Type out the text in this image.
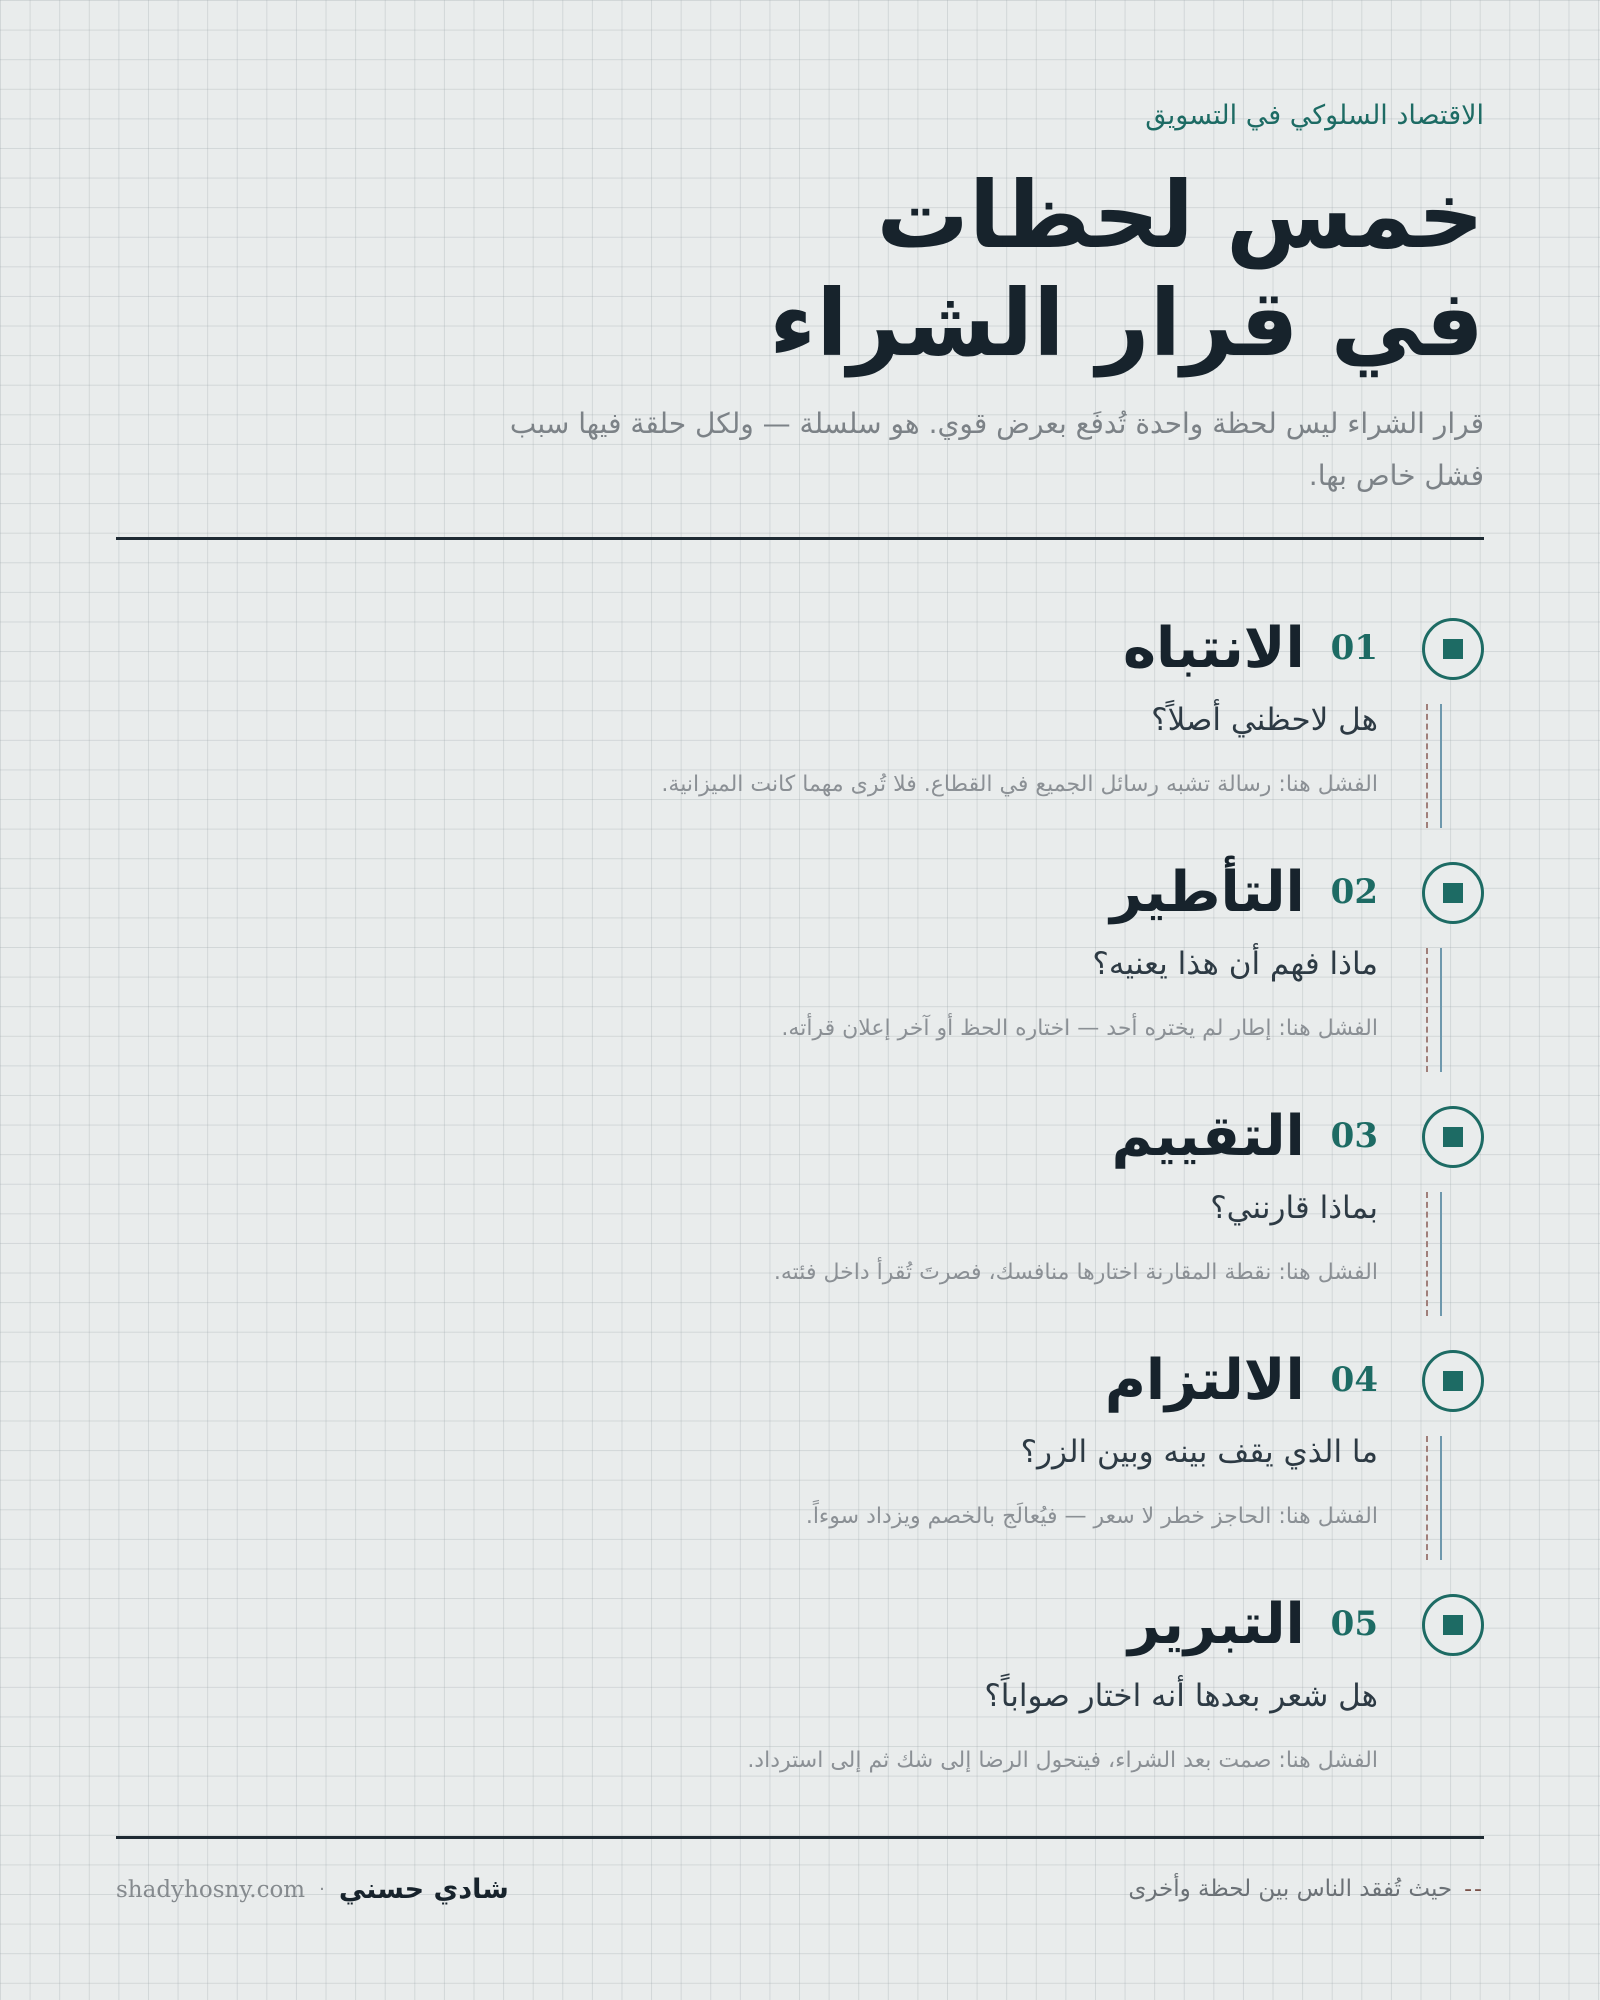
الاقتصاد السلوكي في التسويق
خمس لحظات
في قرار الشراء

قرار الشراء ليس لحظة واحدة تُدفَع بعرض قوي. هو سلسلة — ولكل حلقة فيها سبب فشل خاص بها.

01
الانتباه
هل لاحظني أصلاً؟
الفشل هنا: رسالة تشبه رسائل الجميع في القطاع. فلا تُرى مهما كانت الميزانية.
02
التأطير
ماذا فهم أن هذا يعنيه؟
الفشل هنا: إطار لم يختره أحد — اختاره الحظ أو آخر إعلان قرأته.
03
التقييم
بماذا قارنني؟
الفشل هنا: نقطة المقارنة اختارها منافسك، فصرتَ تُقرأ داخل فئته.
04
الالتزام
ما الذي يقف بينه وبين الزر؟
الفشل هنا: الحاجز خطر لا سعر — فيُعالَج بالخصم ويزداد سوءاً.
05
التبرير
هل شعر بعدها أنه اختار صواباً؟
الفشل هنا: صمت بعد الشراء، فيتحول الرضا إلى شك ثم إلى استرداد.
--
حيث تُفقد الناس بين لحظة وأخرى
shadyhosny.com · شادي حسني
